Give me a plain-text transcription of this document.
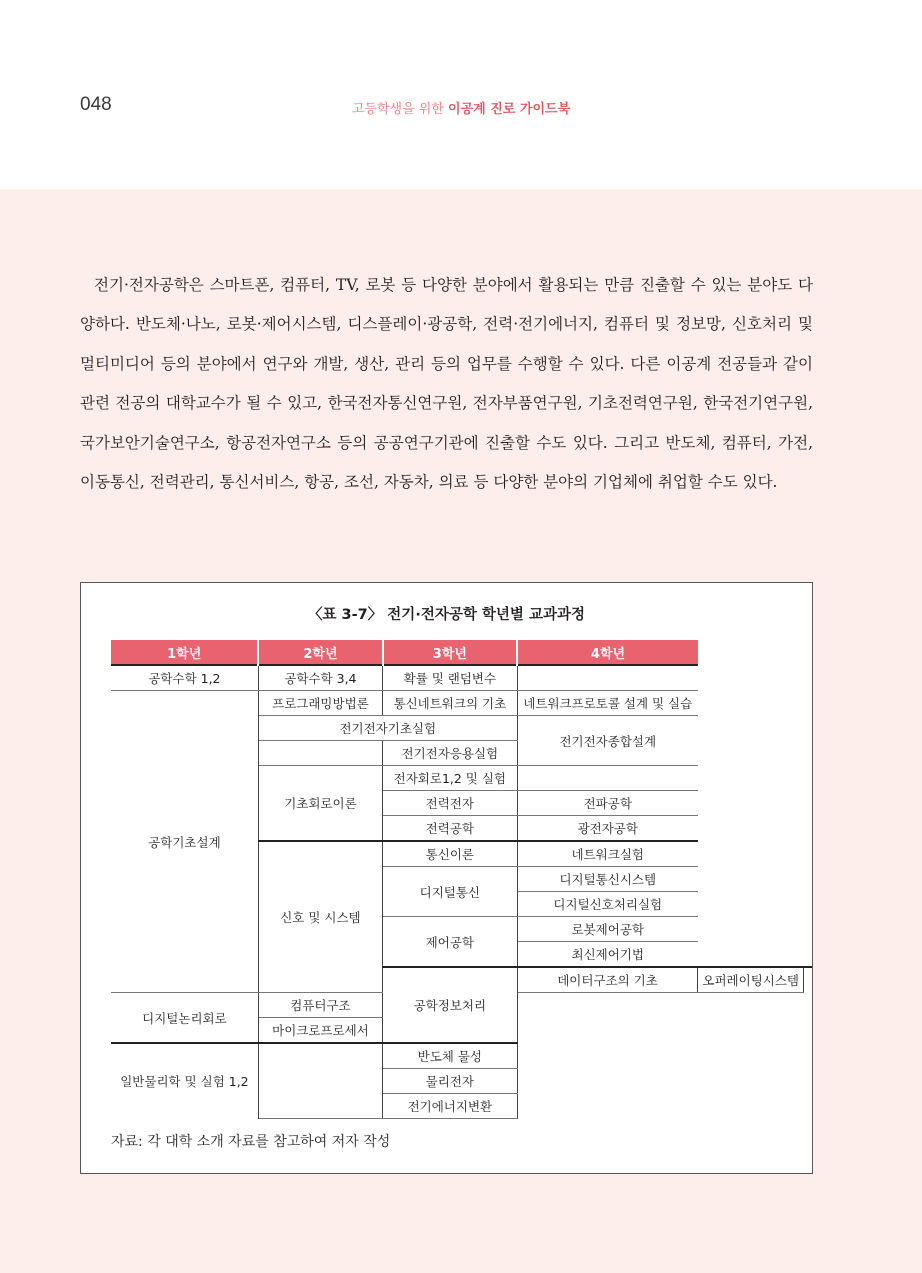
048	고등학생을 위한 이공계 진로 가이드북

전기·전자공학은 스마트폰, 컴퓨터, TV, 로봇 등 다양한 분야에서 활용되는 만큼 진출할 수 있는 분야도 다양하다. 반도체·나노, 로봇·제어시스템, 디스플레이·광공학, 전력·전기에너지, 컴퓨터 및 정보망, 신호처리 및 멀티미디어 등의 분야에서 연구와 개발, 생산, 관리 등의 업무를 수행할 수 있다. 다른 이공계 전공들과 같이 관련 전공의 대학교수가 될 수 있고, 한국전자통신연구원, 전자부품연구원, 기초전력연구원, 한국전기연구원, 국가보안기술연구소, 항공전자연구소 등의 공공연구기관에 진출할 수도 있다. 그리고 반도체, 컴퓨터, 가전, 이동통신, 전력관리, 통신서비스, 항공, 조선, 자동차, 의료 등 다양한 분야의 기업체에 취업할 수도 있다.

〈표 3-7〉 전기·전자공학 학년별 교과과정
1학년	2학년	3학년	4학년		
공학수학 1,2	공학수학 3,4	확률 및 랜덤변수			
공학기초설계	프로그래밍방법론	통신네트워크의 기초	네트워크프로토콜 설계 및 실습		
	전기전자기초실험		전기전자종합설계		
		전기전자응용실험			
	기초회로이론	전자회로1,2 및 실험			
		전력전자	전파공학		
		전력공학	광전자공학		
	신호 및 시스템	통신이론	네트워크실험		
		디지털통신	디지털통신시스템		
			디지털신호처리실험		
		제어공학	로봇제어공학		
			최신제어기법		
		공학정보처리	데이터구조의 기초	오퍼레이팅시스템	
디지털논리회로	컴퓨터구조				
	마이크로프로세서				
일반물리학 및 실험 1,2		반도체 물성			
		물리전자			
		전기에너지변환			
자료: 각 대학 소개 자료를 참고하여 저자 작성
